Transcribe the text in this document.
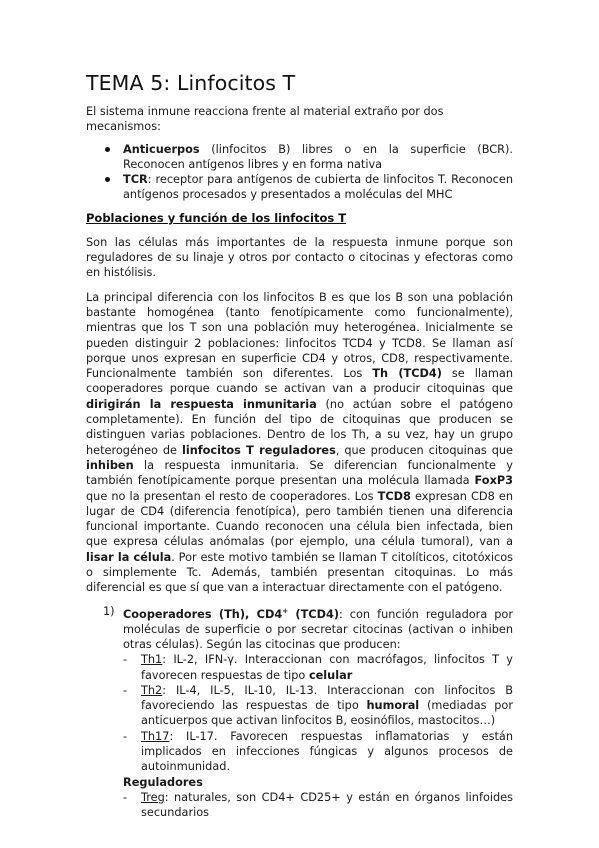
TEMA 5: Linfocitos T

El sistema inmune reacciona frente al material extraño por dos mecanismos:

Anticuerpos (linfocitos B) libres o en la superficie (BCR). Reconocen antígenos libres y en forma nativa
TCR: receptor para antígenos de cubierta de linfocitos T. Reconocen antígenos procesados y presentados a moléculas del MHC
Poblaciones y función de los linfocitos T

Son las células más importantes de la respuesta inmune porque son reguladores de su linaje y otros por contacto o citocinas y efectoras como en histólisis.

La principal diferencia con los linfocitos B es que los B son una población bastante homogénea (tanto fenotípicamente como funcionalmente), mientras que los T son una población muy heterogénea. Inicialmente se pueden distinguir 2 poblaciones: linfocitos TCD4 y TCD8. Se llaman así porque unos expresan en superficie CD4 y otros, CD8, respectivamente. Funcionalmente también son diferentes. Los Th (TCD4) se llaman cooperadores porque cuando se activan van a producir citoquinas que dirigirán la respuesta inmunitaria (no actúan sobre el patógeno completamente). En función del tipo de citoquinas que producen se distinguen varias poblaciones. Dentro de los Th, a su vez, hay un grupo heterogéneo de linfocitos T reguladores, que producen citoquinas que inhiben la respuesta inmunitaria. Se diferencian funcionalmente y también fenotípicamente porque presentan una molécula llamada FoxP3 que no la presentan el resto de cooperadores. Los TCD8 expresan CD8 en lugar de CD4 (diferencia fenotípica), pero también tienen una diferencia funcional importante. Cuando reconocen una célula bien infectada, bien que expresa células anómalas (por ejemplo, una célula tumoral), van a lisar la célula. Por este motivo también se llaman T citolíticos, citotóxicos o simplemente Tc. Además, también presentan citoquinas. Lo más diferencial es que sí que van a interactuar directamente con el patógeno.

1) Cooperadores (Th), CD4+ (TCD4): con función reguladora por moléculas de superficie o por secretar citocinas (activan o inhiben otras células). Según las citocinas que producen:

- Th1: IL-2, IFN-γ. Interaccionan con macrófagos, linfocitos T y favorecen respuestas de tipo celular
- Th2: IL-4, IL-5, IL-10, IL-13. Interaccionan con linfocitos B favoreciendo las respuestas de tipo humoral (mediadas por anticuerpos que activan linfocitos B, eosinófilos, mastocitos…)
- Th17: IL-17. Favorecen respuestas inflamatorias y están implicados en infecciones fúngicas y algunos procesos de autoinmunidad.
Reguladores
- Treg: naturales, son CD4+ CD25+ y están en órganos linfoides secundarios
